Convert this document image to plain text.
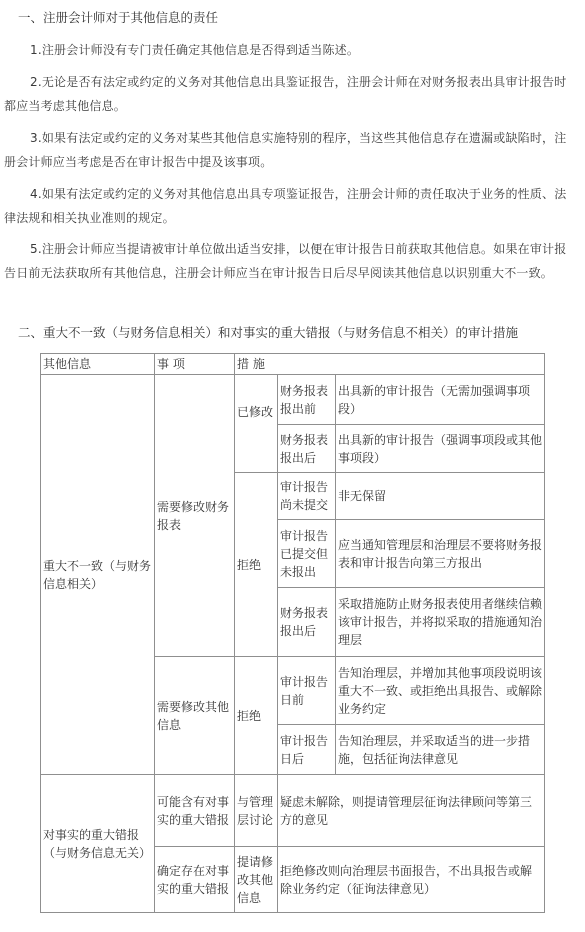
一、注册会计师对于其他信息的责任
1.注册会计师没有专门责任确定其他信息是否得到适当陈述。
2.无论是否有法定或约定的义务对其他信息出具鉴证报告，注册会计师在对财务报表出具审计报告时都应当考虑其他信息。
3.如果有法定或约定的义务对某些其他信息实施特别的程序，当这些其他信息存在遗漏或缺陷时，注册会计师应当考虑是否在审计报告中提及该事项。
4.如果有法定或约定的义务对其他信息出具专项鉴证报告，注册会计师的责任取决于业务的性质、法律法规和相关执业准则的规定。
5.注册会计师应当提请被审计单位做出适当安排，以便在审计报告日前获取其他信息。如果在审计报告日前无法获取所有其他信息，注册会计师应当在审计报告日后尽早阅读其他信息以识别重大不一致。
二、重大不一致（与财务信息相关）和对事实的重大错报（与财务信息不相关）的审计措施
其他信息	事 项	措 施		
重大不一致（与财务信息相关）	需要修改财务报表	已修改	财务报表报出前	出具新的审计报告（无需加强调事项段）
			财务报表报出后	出具新的审计报告（强调事项段或其他事项段）
		拒绝	审计报告尚未提交	非无保留
			审计报告已提交但未报出	应当通知管理层和治理层不要将财务报表和审计报告向第三方报出
			财务报表报出后	采取措施防止财务报表使用者继续信赖该审计报告，并将拟采取的措施通知治理层
	需要修改其他信息	拒绝	审计报告日前	告知治理层，并增加其他事项段说明该重大不一致、或拒绝出具报告、或解除业务约定
			审计报告日后	告知治理层，并采取适当的进一步措施，包括征询法律意见
对事实的重大错报（与财务信息无关）	可能含有对事实的重大错报	与管理层讨论	疑虑未解除，则提请管理层征询法律顾问等第三方的意见	
	确定存在对事实的重大错报	提请修改其他信息	拒绝修改则向治理层书面报告，不出具报告或解除业务约定（征询法律意见）	
